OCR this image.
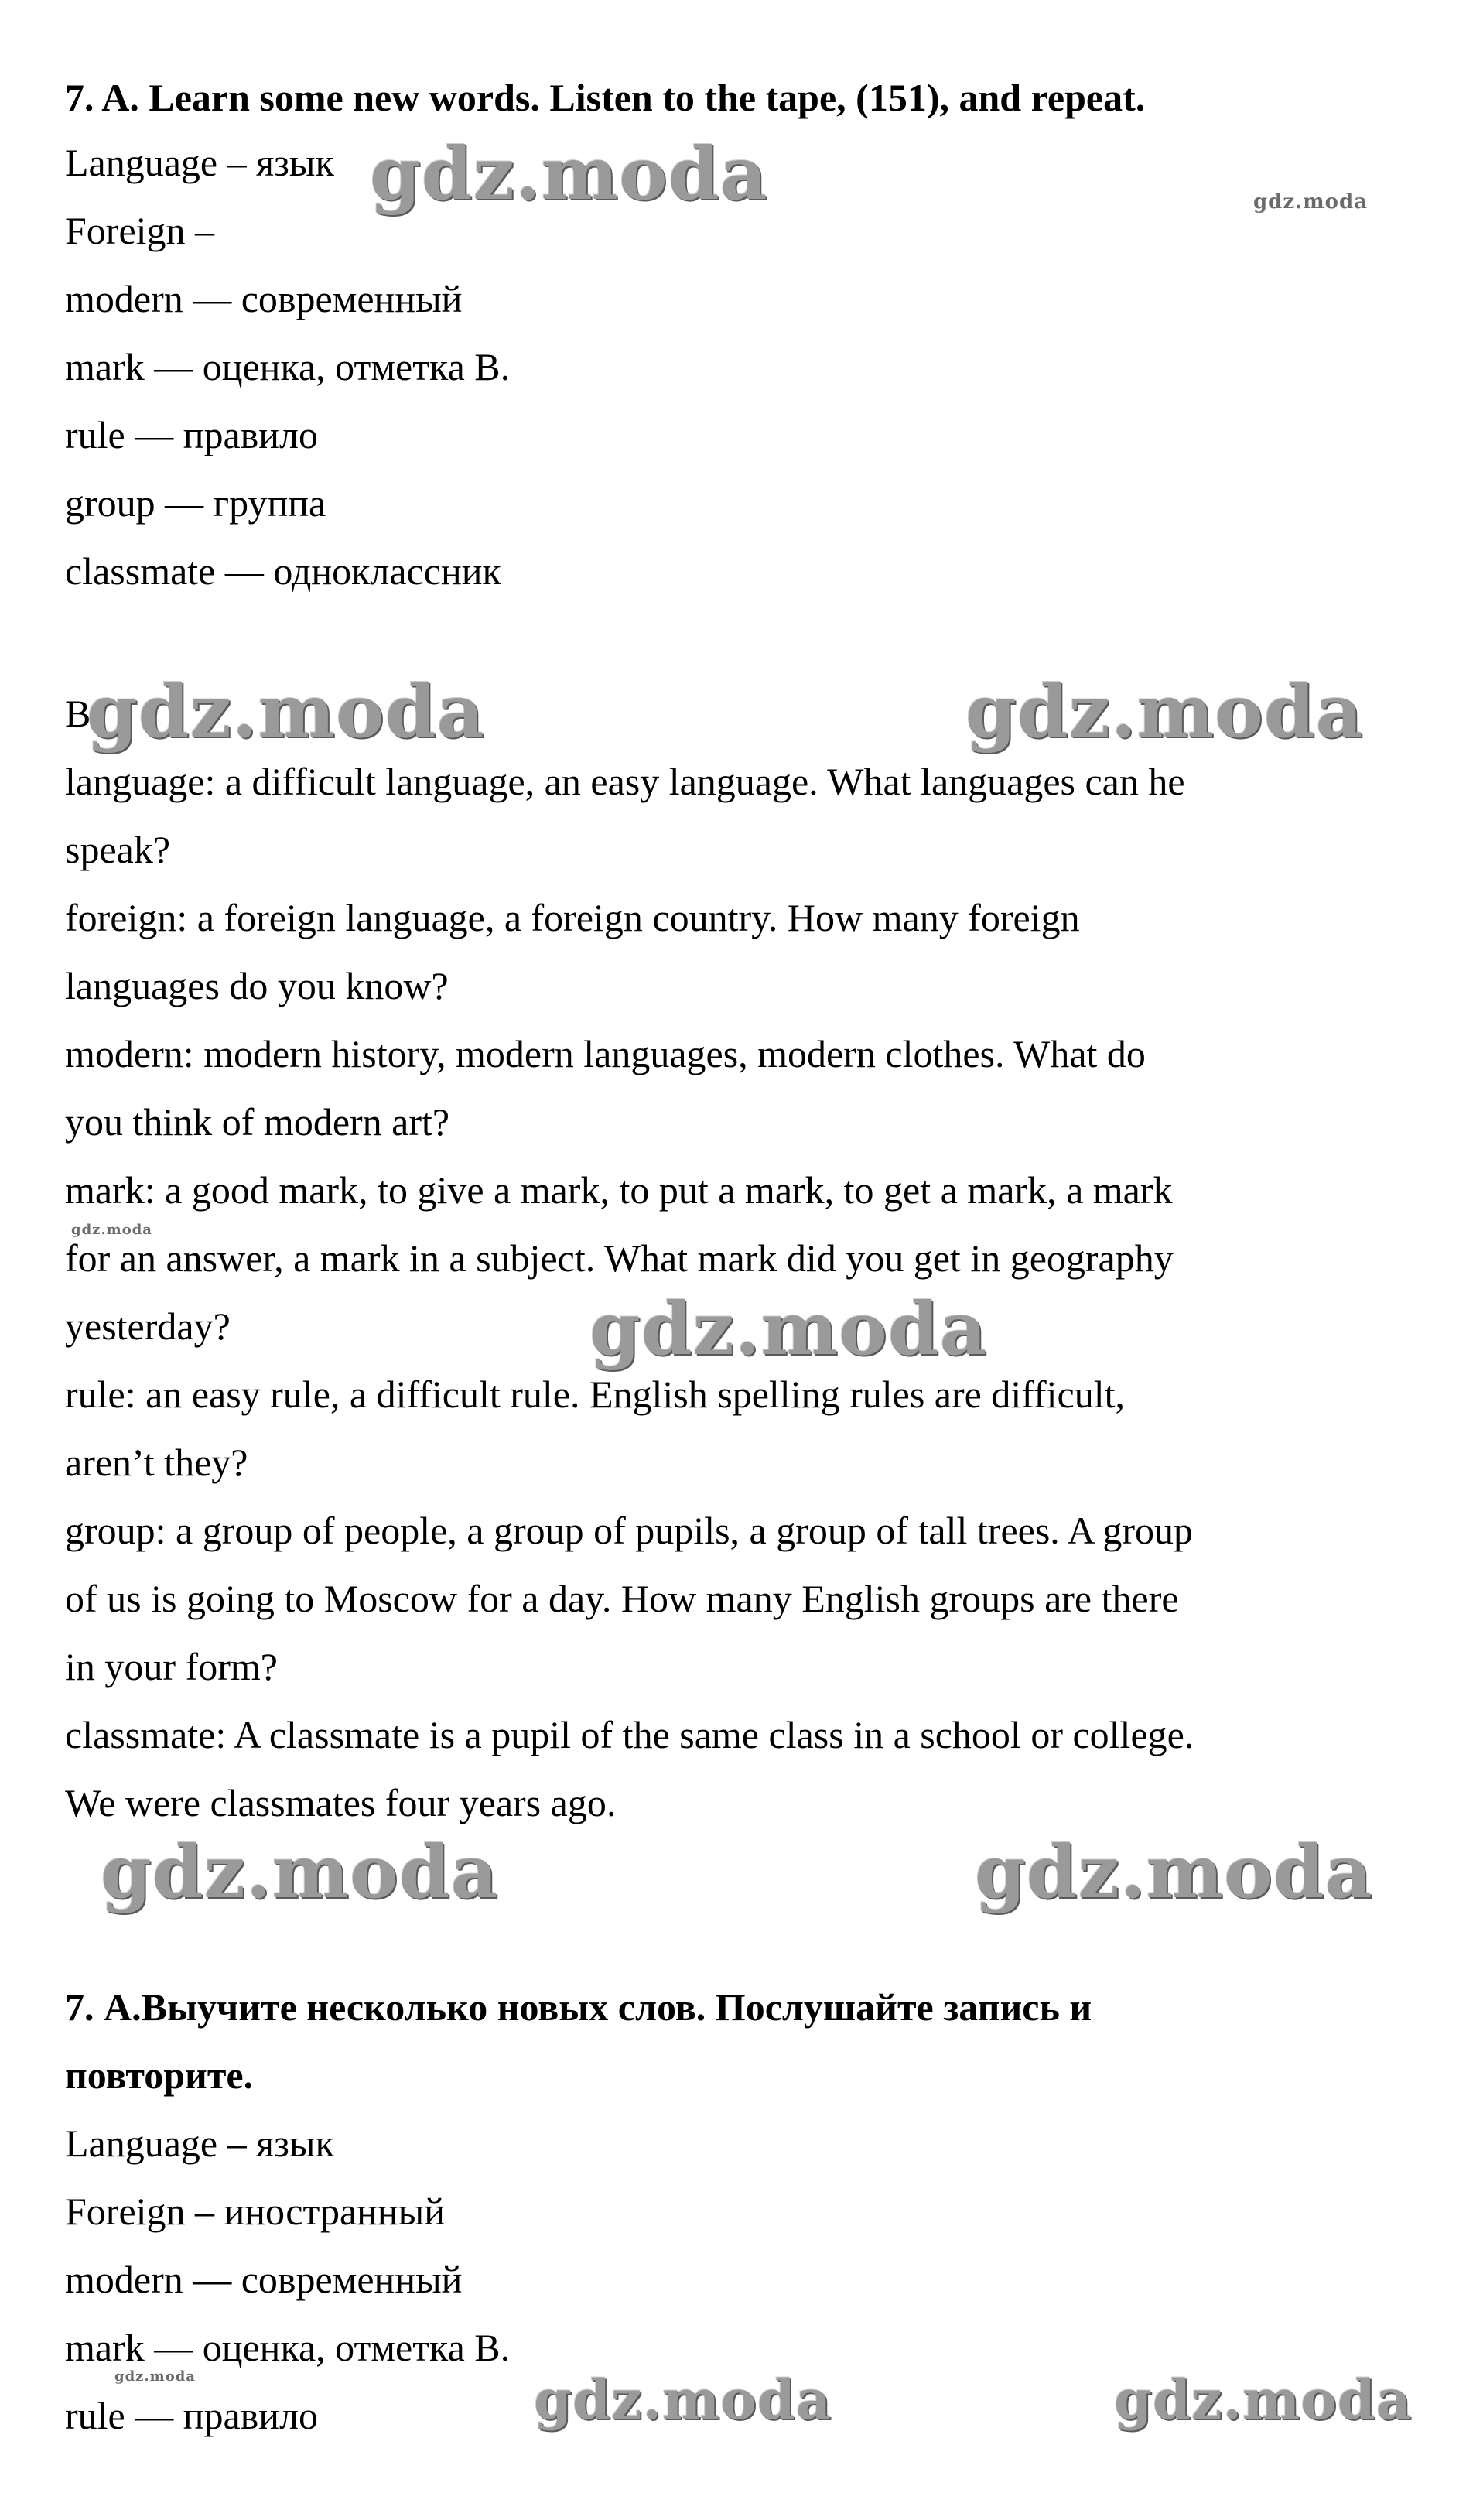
7. A. Learn some new words. Listen to the tape, (151), and repeat.
Language – язык
Foreign –
modern — современный
mark — оценка, отметка В.
rule — правило
group — группа
classmate — одноклассник
В
language: a difficult language, an easy language. What languages can he
speak?
foreign: a foreign language, a foreign country. How many foreign
languages do you know?
modern: modern history, modern languages, modern clothes. What do
you think of modern art?
mark: a good mark, to give a mark, to put a mark, to get a mark, a mark
for an answer, a mark in a subject. What mark did you get in geography
yesterday?
rule: an easy rule, a difficult rule. English spelling rules are difficult,
aren’t they?
group: a group of people, a group of pupils, a group of tall trees. A group
of us is going to Moscow for a day. How many English groups are there
in your form?
classmate: A classmate is a pupil of the same class in a school or college.
We were classmates four years ago.
7. А.Выучите несколько новых слов. Послушайте запись и
повторите.
Language – язык
Foreign – иностранный
modern — современный
mark — оценка, отметка В.
rule — правило
gdz.moda	gdz.moda
gdz.moda	gdz.moda
gdz.moda
gdz.moda
gdz.moda	gdz.moda
gdz.moda	gdz.moda	gdz.moda
